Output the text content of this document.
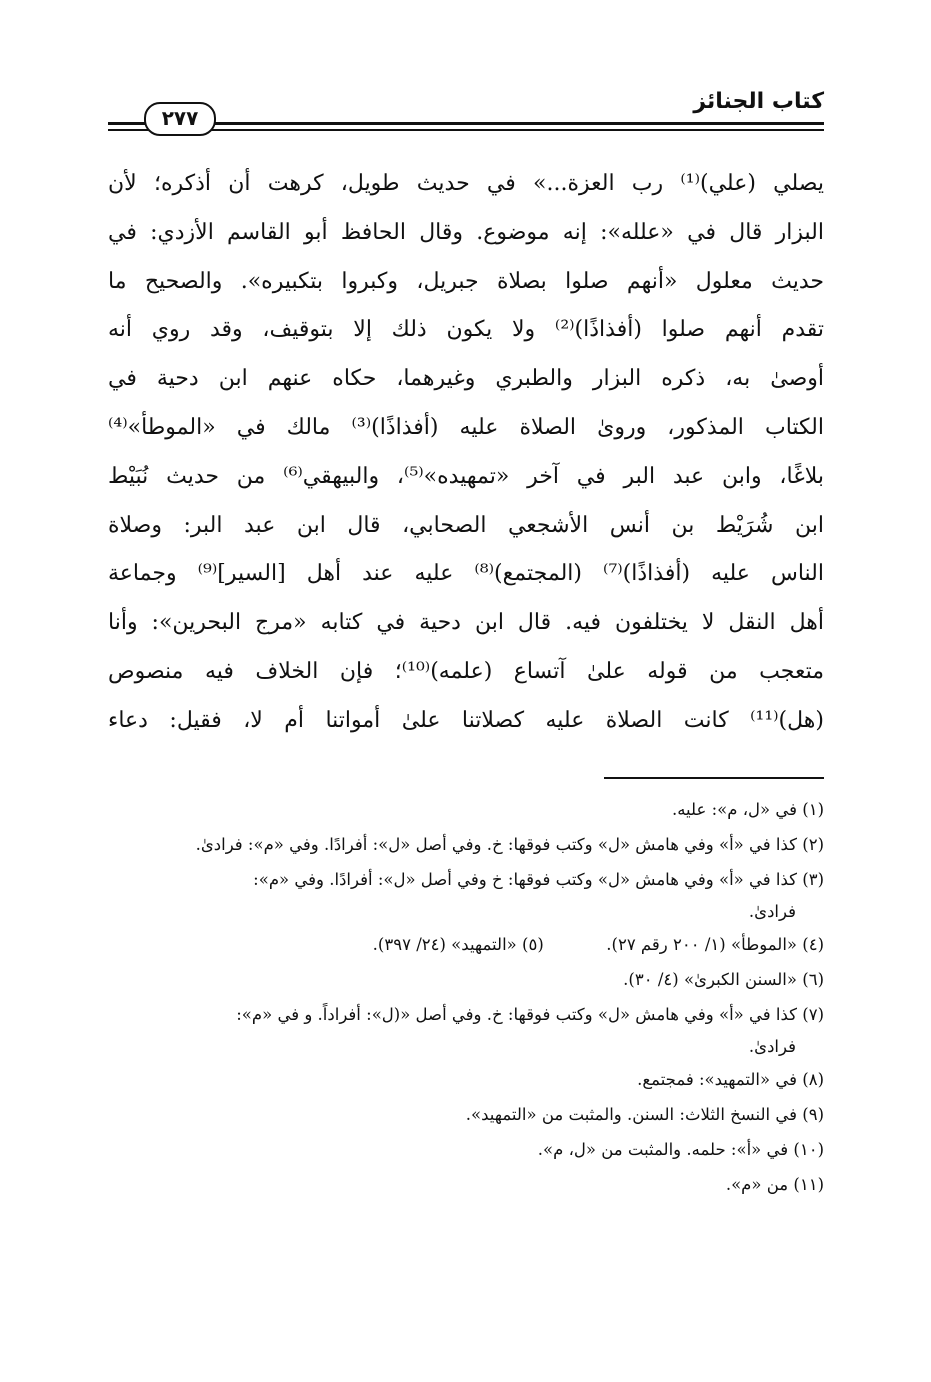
كتاب الجنائز
٢٧٧
يصلي (علي)⁽¹⁾ رب العزة...» في حديث طويل، كرهت أن أذكره؛ لأن
البزار قال في «علله»: إنه موضوع. وقال الحافظ أبو القاسم الأزدي: في
حديث معلول «أنهم صلوا بصلاة جبريل، وكبروا بتكبيره». والصحيح ما
تقدم أنهم صلوا (أفذاذًا)⁽²⁾ ولا يكون ذلك إلا بتوقيف، وقد روي أنه
أوصىٰ به، ذكره البزار والطبري وغيرهما، حكاه عنهم ابن دحية في
الكتاب المذكور، ورویٰ الصلاة عليه (أفذاذًا)⁽³⁾ مالك في «الموطأ»⁽⁴⁾
بلاغًا، وابن عبد البر في آخر «تمهيده»⁽⁵⁾، والبيهقي⁽⁶⁾ من حديث نُبَيْط
ابن شُرَيْط بن أنس الأشجعي الصحابي، قال ابن عبد البر: وصلاة
الناس عليه (أفذاذًا)⁽⁷⁾ (المجتمع)⁽⁸⁾ عليه عند أهل [السير]⁽⁹⁾ وجماعة
أهل النقل لا يختلفون فيه. قال ابن دحية في كتابه «مرج البحرين»: وأنا
متعجب من قوله علىٰ آتساع (علمه)⁽¹⁰⁾؛ فإن الخلاف فيه منصوص
(هل)⁽¹¹⁾ كانت الصلاة عليه كصلاتنا علىٰ أمواتنا أم لا، فقيل: دعاء
(١) في «ل، م»: عليه.
(٢) كذا في «أ» وفي هامش «ل» وكتب فوقها: خ. وفي أصل «ل»: أفرادًا. وفي «م»: فرادىٰ.
(٣) كذا في «أ» وفي هامش «ل» وكتب فوقها: خ وفي أصل «ل»: أفرادًا. وفي «م»:
فرادىٰ.
(٤) «الموطأ» (١/ ٢٠٠ رقم ٢٧). (٥) «التمهيد» (٢٤/ ٣٩٧).
(٦) «السنن الكبرىٰ» (٤/ ٣٠).
(٧) كذا في «أ» وفي هامش «ل» وكتب فوقها: خ. وفي أصل «(ل»: أفراداً. و في «م»:
فرادىٰ.
(٨) في «التمهيد»: فمجتمع.
(٩) في النسخ الثلاث: السنن. والمثبت من «التمهيد».
(١٠) في «أ»: حلمه. والمثبت من «ل، م».
(١١) من «م».
